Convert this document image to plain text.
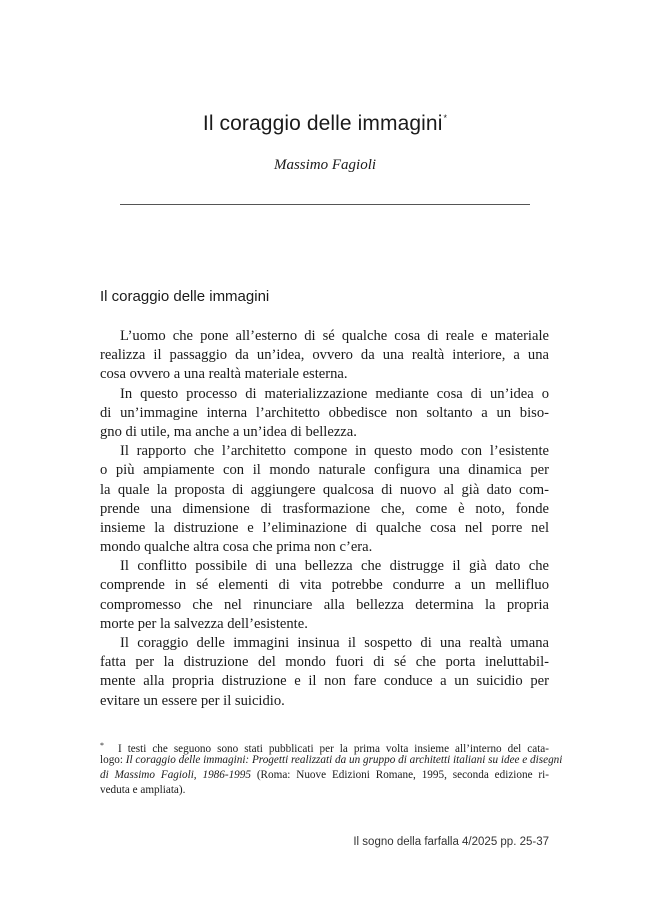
Il coraggio delle immagini*
Massimo Fagioli
Il coraggio delle immagini
L’uomo che pone all’esterno di sé qualche cosa di reale e materiale
realizza il passaggio da un’idea, ovvero da una realtà interiore, a una
cosa ovvero a una realtà materiale esterna.
In questo processo di materializzazione mediante cosa di un’idea o
di un’immagine interna l’architetto obbedisce non soltanto a un biso-
gno di utile, ma anche a un’idea di bellezza.
Il rapporto che l’architetto compone in questo modo con l’esistente
o più ampiamente con il mondo naturale configura una dinamica per
la quale la proposta di aggiungere qualcosa di nuovo al già dato com-
prende una dimensione di trasformazione che, come è noto, fonde
insieme la distruzione e l’eliminazione di qualche cosa nel porre nel
mondo qualche altra cosa che prima non c’era.
Il conflitto possibile di una bellezza che distrugge il già dato che
comprende in sé elementi di vita potrebbe condurre a un mellifluo
compromesso che nel rinunciare alla bellezza determina la propria
morte per la salvezza dell’esistente.
Il coraggio delle immagini insinua il sospetto di una realtà umana
fatta per la distruzione del mondo fuori di sé che porta ineluttabil-
mente alla propria distruzione e il non fare conduce a un suicidio per
evitare un essere per il suicidio.
* I testi che seguono sono stati pubblicati per la prima volta insieme all’interno del cata-
logo: Il coraggio delle immagini: Progetti realizzati da un gruppo di architetti italiani su idee e disegni
di Massimo Fagioli, 1986-1995 (Roma: Nuove Edizioni Romane, 1995, seconda edizione ri-
veduta e ampliata).
Il sogno della farfalla 4/2025 pp. 25-37
